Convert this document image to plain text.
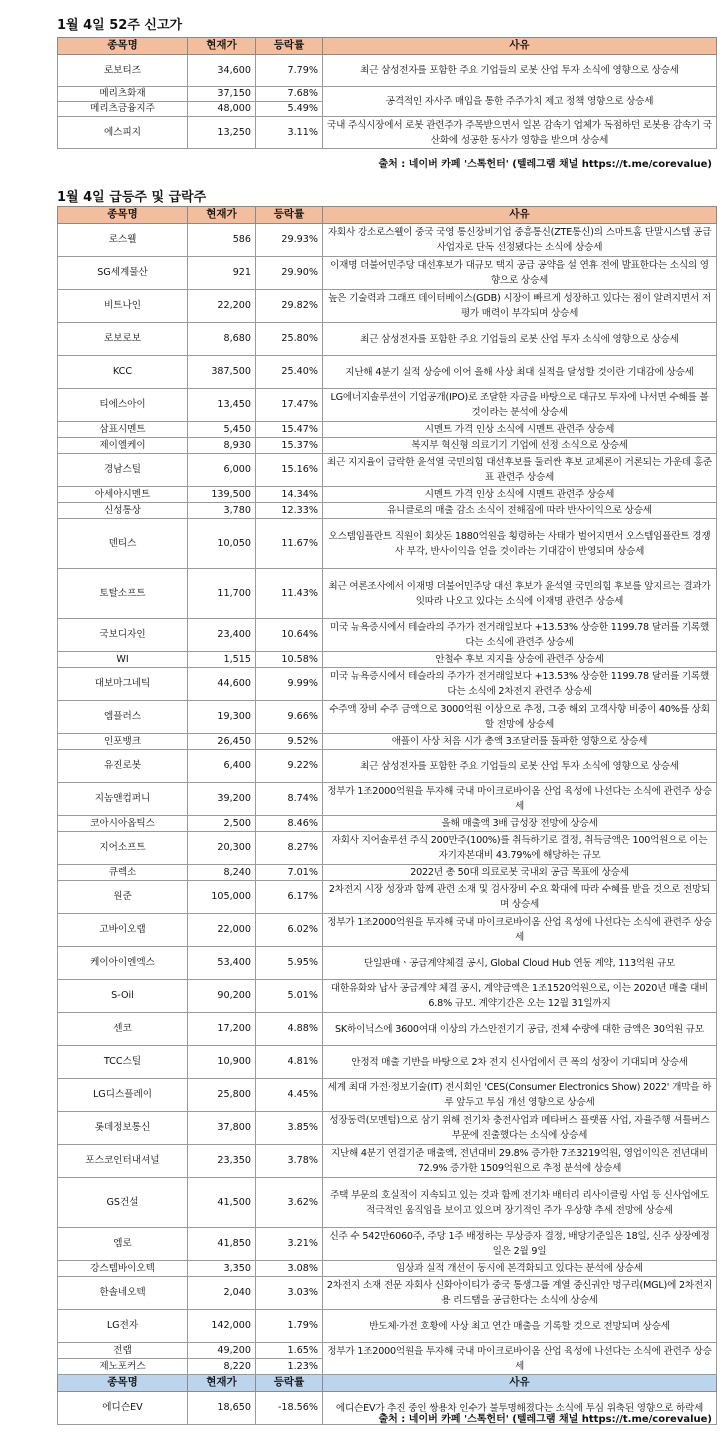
1월 4일 52주 신고가
종목명	현재가	등락률	사유
로보티즈	34,600	7.79%	최근 삼성전자를 포함한 주요 기업들의 로봇 산업 투자 소식에 영향으로 상승세
메리츠화재	37,150	7.68%	공격적인 자사주 매입을 통한 주주가치 제고 정책 영향으로 상승세
메리츠금융지주	48,000	5.49%	
에스피지	13,250	3.11%	국내 주식시장에서 로봇 관련주가 주목받으면서 일본 감속기 업체가 독점하던 로봇용 감속기 국산화에 성공한 동사가 영향을 받으며 상승세
출처 : 네이버 카페 '스톡헌터' (텔레그램 채널 https://t.me/corevalue)
1월 4일 급등주 및 급락주
종목명	현재가	등락률	사유
로스웰	586	29.93%	자회사 강소로스웰이 중국 국영 통신장비기업 중흥통신(ZTE통신)의 스마트홈 단말시스템 공급사업자로 단독 선정됐다는 소식에 상승세
SG세계물산	921	29.90%	이재명 더불어민주당 대선후보가 대규모 택지 공급 공약을 설 연휴 전에 발표한다는 소식의 영향으로 상승세
비트나인	22,200	29.82%	높은 기술력과 그래프 데이터베이스(GDB) 시장이 빠르게 성장하고 있다는 점이 알려지면서 저평가 매력이 부각되며 상승세
로보로보	8,680	25.80%	최근 삼성전자를 포함한 주요 기업들의 로봇 산업 투자 소식에 영향으로 상승세
KCC	387,500	25.40%	지난해 4분기 실적 상승에 이어 올해 사상 최대 실적을 달성할 것이란 기대감에 상승세
티에스아이	13,450	17.47%	LG에너지솔루션이 기업공개(IPO)로 조달한 자금을 바탕으로 대규모 투자에 나서면 수혜를 볼 것이라는 분석에 상승세
삼표시멘트	5,450	15.47%	시멘트 가격 인상 소식에 시멘트 관련주 상승세
제이엘케이	8,930	15.37%	복지부 혁신형 의료기기 기업에 선정 소식으로 상승세
경남스틸	6,000	15.16%	최근 지지율이 급락한 윤석열 국민의힘 대선후보를 둘러싼 후보 교체론이 거론되는 가운데 홍준표 관련주 상승세
아세아시멘트	139,500	14.34%	시멘트 가격 인상 소식에 시멘트 관련주 상승세
신성통상	3,780	12.33%	유니클로의 매출 감소 소식이 전해짐에 따라 반사이익으로 상승세
덴티스	10,050	11.67%	오스템임플란트 직원이 회삿돈 1880억원을 횡령하는 사태가 벌어지면서 오스템임플란트 경쟁사 부각, 반사이익을 얻을 것이라는 기대감이 반영되며 상승세
토탈소프트	11,700	11.43%	최근 여론조사에서 이재명 더불어민주당 대선 후보가 윤석열 국민의힘 후보를 앞지르는 결과가 잇따라 나오고 있다는 소식에 이재명 관련주 상승세
국보디자인	23,400	10.64%	미국 뉴욕증시에서 테슬라의 주가가 전거래일보다 +13.53% 상승한 1199.78 달러를 기록했다는 소식에 관련주 상승세
WI	1,515	10.58%	안철수 후보 지지율 상승에 관련주 상승세
대보마그네틱	44,600	9.99%	미국 뉴욕증시에서 테슬라의 주가가 전거래일보다 +13.53% 상승한 1199.78 달러를 기록했다는 소식에 2차전지 관련주 상승세
엠플러스	19,300	9.66%	수주액 장비 수주 금액으로 3000억원 이상으로 추정, 그중 해외 고객사향 비중이 40%를 상회할 전망에 상승세
인포뱅크	26,450	9.52%	애플이 사상 처음 시가 총액 3조달러를 돌파한 영향으로 상승세
유진로봇	6,400	9.22%	최근 삼성전자를 포함한 주요 기업들의 로봇 산업 투자 소식에 영향으로 상승세
지놈앤컴퍼니	39,200	8.74%	정부가 1조2000억원을 투자해 국내 마이크로바이옴 산업 육성에 나선다는 소식에 관련주 상승세
코아시아옵틱스	2,500	8.46%	올해 매출액 3배 급성장 전망에 상승세
지어소프트	20,300	8.27%	자회사 지어솔루션 주식 200만주(100%)를 취득하기로 결정, 취득금액은 100억원으로 이는 자기자본대비 43.79%에 해당하는 규모
큐렉소	8,240	7.01%	2022년 총 50대 의료로봇 국내외 공급 목표에 상승세
원준	105,000	6.17%	2차전지 시장 성장과 함께 관련 소재 및 검사장비 수요 확대에 따라 수혜를 받을 것으로 전망되며 상승세
고바이오랩	22,000	6.02%	정부가 1조2000억원을 투자해 국내 마이크로바이옴 산업 육성에 나선다는 소식에 관련주 상승세
케이아이엔엑스	53,400	5.95%	단일판매ㆍ공급계약체결 공시, Global Cloud Hub 연동 계약, 113억원 규모
S-Oil	90,200	5.01%	대한유화와 납사 공급계약 체결 공시, 계약금액은 1조1520억원으로, 이는 2020년 매출 대비 6.8% 규모. 계약기간은 오는 12월 31일까지
센코	17,200	4.88%	SK하이닉스에 3600여대 이상의 가스안전기기 공급, 전체 수량에 대한 금액은 30억원 규모
TCC스틸	10,900	4.81%	안정적 매출 기반을 바탕으로 2차 전지 신사업에서 큰 폭의 성장이 기대되며 상승세
LG디스플레이	25,800	4.45%	세계 최대 가전·정보기술(IT) 전시회인 'CES(Consumer Electronics Show) 2022' 개막을 하루 앞두고 투심 개선 영향으로 상승세
롯데정보통신	37,800	3.85%	성장동력(모멘텀)으로 삼기 위해 전기차 충전사업과 메타버스 플랫폼 사업, 자율주행 셔틀버스 부문에 진출했다는 소식에 상승세
포스코인터내셔널	23,350	3.78%	지난해 4분기 연결기준 매출액, 전년대비 29.8% 증가한 7조3219억원, 영업이익은 전년대비 72.9% 증가한 1509억원으로 추정 분석에 상승세
GS건설	41,500	3.62%	주택 부문의 호실적이 지속되고 있는 것과 함께 전기차 배터리 리사이클링 사업 등 신사업에도 적극적인 움직임을 보이고 있으며 장기적인 주가 우상향 추세 전망에 상승세
엠로	41,850	3.21%	신주 수 542만6060주, 주당 1주 배정하는 무상증자 결정, 배당기준일은 18일, 신주 상장예정일은 2월 9일
강스템바이오텍	3,350	3.08%	임상과 실적 개선이 동시에 본격화되고 있다는 분석에 상승세
한솔네오텍	2,040	3.03%	2차전지 소재 전문 자회사 신화아이티가 중국 통생그룹 계열 중신궈안 멍구리(MGL)에 2차전지용 리드탭을 공급한다는 소식에 상승세
LG전자	142,000	1.79%	반도체·가전 호황에 사상 최고 연간 매출을 기록할 것으로 전망되며 상승세
전랩	49,200	1.65%	정부가 1조2000억원을 투자해 국내 마이크로바이옴 산업 육성에 나선다는 소식에 관련주 상승세
제노포커스	8,220	1.23%	
종목명	현재가	등락률	사유
에디슨EV	18,650	-18.56%	에디슨EV가 추진 중인 쌍용차 인수가 불투명해졌다는 소식에 투심 위축된 영향으로 하락세
출처 : 네이버 카페 '스톡헌터' (텔레그램 채널 https://t.me/corevalue)
